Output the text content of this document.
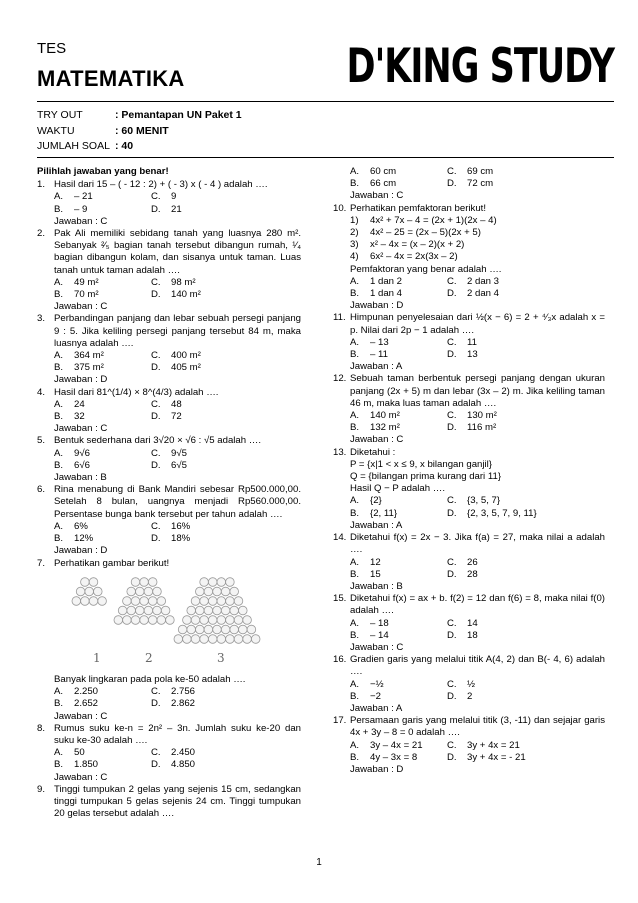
TES
MATEMATIKA	D'KING STUDY
TRY OUT	: Pemantapan UN Paket 1
WAKTU	: 60 MENIT
JUMLAH SOAL : 40
Pilihlah jawaban yang benar!
1. Hasil dari 15 – ( - 12 : 2) + ( - 3) x ( - 4 ) adalah ….
A.	– 21	C.	9
B.	– 9	D.	21
Jawaban : C
2. Pak Ali memiliki sebidang tanah yang luasnya 280 m². Sebanyak ²⁄₅ bagian tanah tersebut dibangun rumah, ¹⁄₄ bagian dibangun kolam, dan sisanya untuk taman. Luas tanah untuk taman adalah ….
A.	49 m²	C.	98 m²
B.	70 m²	D.	140 m²
Jawaban : C
3. Perbandingan panjang dan lebar sebuah persegi panjang 9 : 5. Jika keliling persegi panjang tersebut 84 m, maka luasnya adalah ….
A.	364 m²	C.	400 m²
B.	375 m²	D.	405 m²
Jawaban : D
4. Hasil dari 81^(1/4) × 8^(4/3) adalah ….
A.	24	C.	48
B.	32	D.	72
Jawaban : C
5. Bentuk sederhana dari 3√20 × √6 : √5 adalah ….
A.	9√6	C.	9√5
B.	6√6	D.	6√5
Jawaban : B
6. Rina menabung di Bank Mandiri sebesar Rp500.000,00. Setelah 8 bulan, uangnya menjadi Rp560.000,00. Persentase bunga bank tersebut per tahun adalah ….
A.	6%	C.	16%
B.	12%	D.	18%
Jawaban : D
7. Perhatikan gambar berikut!
1	2	3
Banyak lingkaran pada pola ke-50 adalah ….
A.	2.250	C.	2.756
B.	2.652	D.	2.862
Jawaban : C
8. Rumus suku ke-n = 2n² – 3n. Jumlah suku ke-20 dan suku ke-30 adalah ….
A.	50	C.	2.450
B.	1.850	D.	4.850
Jawaban : C
9. Tinggi tumpukan 2 gelas yang sejenis 15 cm, sedangkan tinggi tumpukan 5 gelas sejenis 24 cm. Tinggi tumpukan 20 gelas tersebut adalah ….
A.	60 cm	C.	69 cm
B.	66 cm	D.	72 cm
Jawaban : C
10. Perhatikan pemfaktoran berikut!
1)	4x² + 7x – 4 = (2x + 1)(2x – 4)
2)	4x² – 25 = (2x – 5)(2x + 5)
3)	x² – 4x = (x – 2)(x + 2)
4)	6x² – 4x = 2x(3x – 2)
Pemfaktoran yang benar adalah ….
A.	1 dan 2	C.	2 dan 3
B.	1 dan 4	D.	2 dan 4
Jawaban : D
11. Himpunan penyelesaian dari ½(x − 6) = 2 + ⁴⁄₃x adalah x = p. Nilai dari 2p − 1 adalah ….
A.	– 13	C.	11
B.	– 11	D.	13
Jawaban : A
12. Sebuah taman berbentuk persegi panjang dengan ukuran panjang (2x + 5) m dan lebar (3x – 2) m. Jika keliling taman 46 m, maka luas taman adalah ….
A.	140 m²	C.	130 m²
B.	132 m²	D.	116 m²
Jawaban : C
13. Diketahui :
P = {x|1 < x ≤ 9, x bilangan ganjil}
Q = {bilangan prima kurang dari 11}
Hasil Q − P adalah ….
A.	{2}	C.	{3, 5, 7}
B.	{2, 11}	D.	{2, 3, 5, 7, 9, 11}
Jawaban : A
14. Diketahui f(x) = 2x − 3. Jika f(a) = 27, maka nilai a adalah ….
A.	12	C.	26
B.	15	D.	28
Jawaban : B
15. Diketahui f(x) = ax + b. f(2) = 12 dan f(6) = 8, maka nilai f(0) adalah ….
A.	– 18	C.	14
B.	– 14	D.	18
Jawaban : C
16. Gradien garis yang melalui titik A(4, 2) dan B(- 4, 6) adalah ….
A.	−½	C.	½
B.	−2	D.	2
Jawaban : A
17. Persamaan garis yang melalui titik (3, -11) dan sejajar garis 4x + 3y – 8 = 0 adalah ….
A.	3y – 4x = 21	C.	3y + 4x = 21
B.	4y – 3x = 8	D.	3y + 4x = - 21
Jawaban : D
1
